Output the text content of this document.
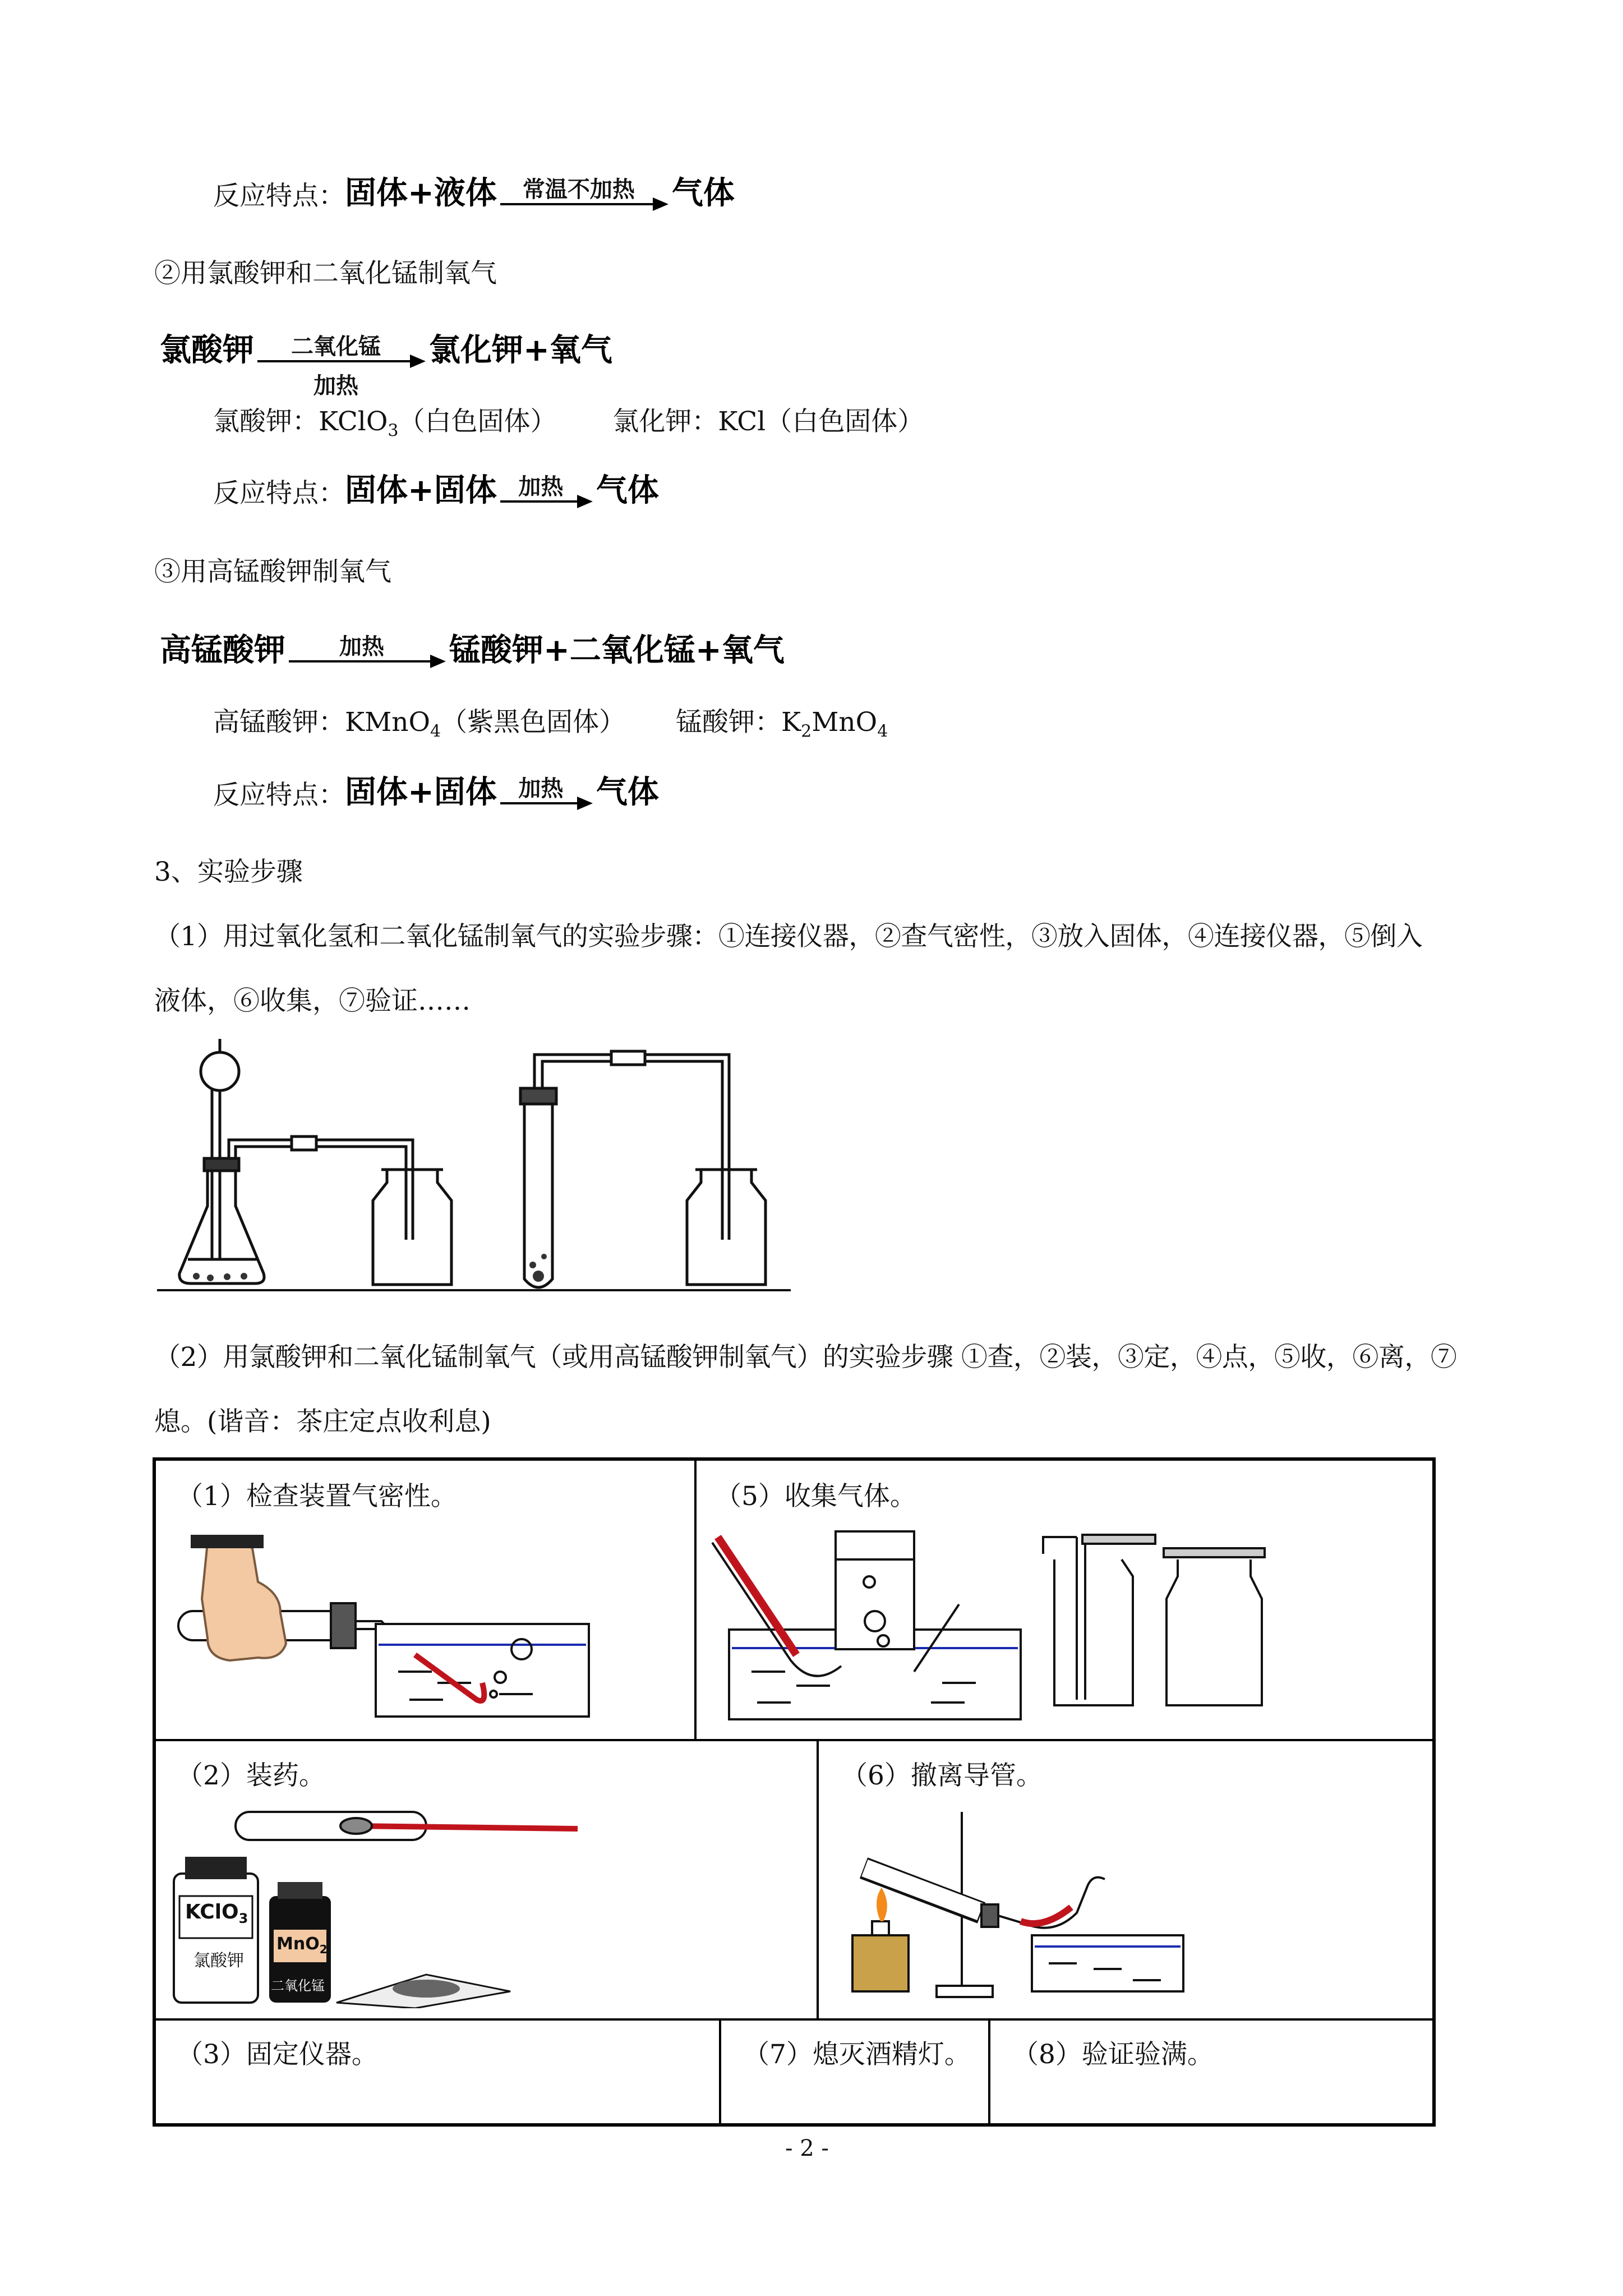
反应特点： 固体+液体	常温不加热	气体
②用氯酸钾和二氧化锰制氧气
氯酸钾	二氧化锰
加热
氯化钾+氧气
氯酸钾：KClO$_3$（白色固体） 氯化钾：KCl（白色固体）
反应特点： 固体+固体 加热	气体
③用高锰酸钾制氧气
高锰酸钾	加热	锰酸钾+二氧化锰+氧气
高锰酸钾：KMnO$_4$（紫黑色固体） 锰酸钾：$K_2MnO_4$
反应特点： 固体+固体 加热	气体
3、实验步骤
（1）用过氧化氢和二氧化锰制氧气的实验步骤：①连接仪器，②查气密性，③放入固体，④连接仪器，⑤倒入
液体，⑥收集，⑦验证……
（2）用氯酸钾和二氧化锰制氧气（或用高锰酸钾制氧气）的实验步骤 ①查，②装，③定，④点，⑤收，⑥离，⑦
熄。(谐音：茶庄定点收利息)
（1）检查装置气密性。	（5）收集气体。
（2）装药。	（6）撤离导管。
（3）固定仪器。	（7）熄灭酒精灯。 （8）验证验满。
KClO$_3$
氯酸钾
MnO$_2$
二氧化锰
- 2 -
